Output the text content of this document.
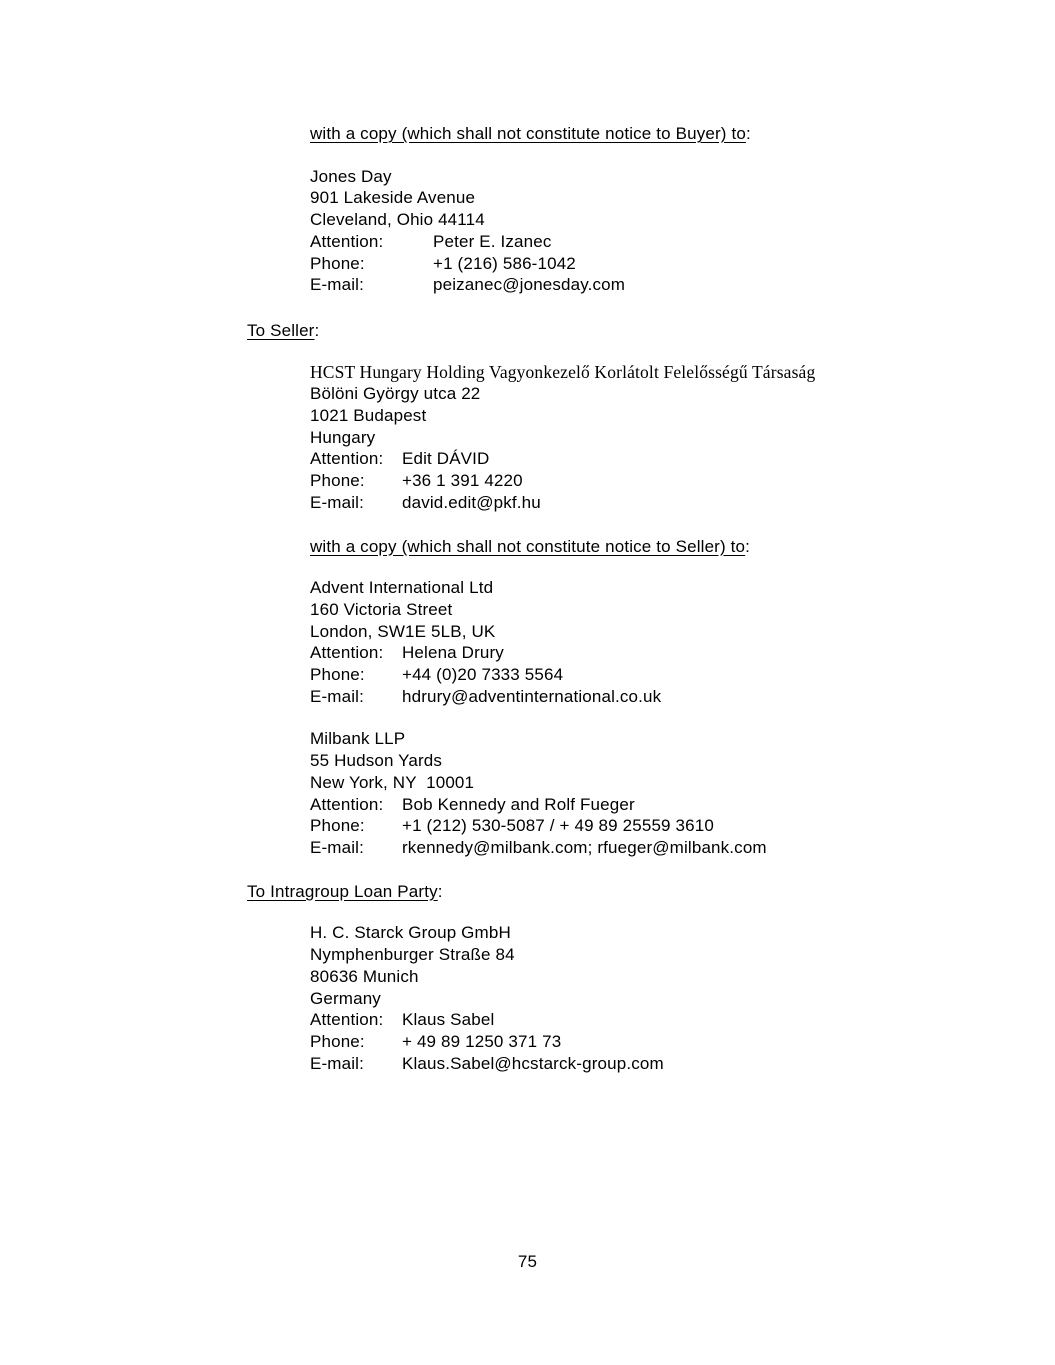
with a copy (which shall not constitute notice to Buyer) to:
Jones Day
901 Lakeside Avenue
Cleveland, Ohio 44114
Attention:	Peter E. Izanec
Phone:	+1 (216) 586-1042
E-mail:	peizanec@jonesday.com
To Seller:
HCST Hungary Holding Vagyonkezelő Korlátolt Felelősségű Társaság
Bölöni György utca 22
1021 Budapest
Hungary
Attention:	Edit DÁVID
Phone:	+36 1 391 4220
E-mail:	david.edit@pkf.hu
with a copy (which shall not constitute notice to Seller) to:
Advent International Ltd
160 Victoria Street
London, SW1E 5LB, UK
Attention:	Helena Drury
Phone:	+44 (0)20 7333 5564
E-mail:	hdrury@adventinternational.co.uk
Milbank LLP
55 Hudson Yards
New York, NY  10001
Attention:	Bob Kennedy and Rolf Fueger
Phone:	+1 (212) 530-5087 / + 49 89 25559 3610
E-mail:	rkennedy@milbank.com; rfueger@milbank.com
To Intragroup Loan Party:
H. C. Starck Group GmbH
Nymphenburger Straße 84
80636 Munich
Germany
Attention:	Klaus Sabel
Phone:	+ 49 89 1250 371 73
E-mail:	Klaus.Sabel@hcstarck-group.com
75
